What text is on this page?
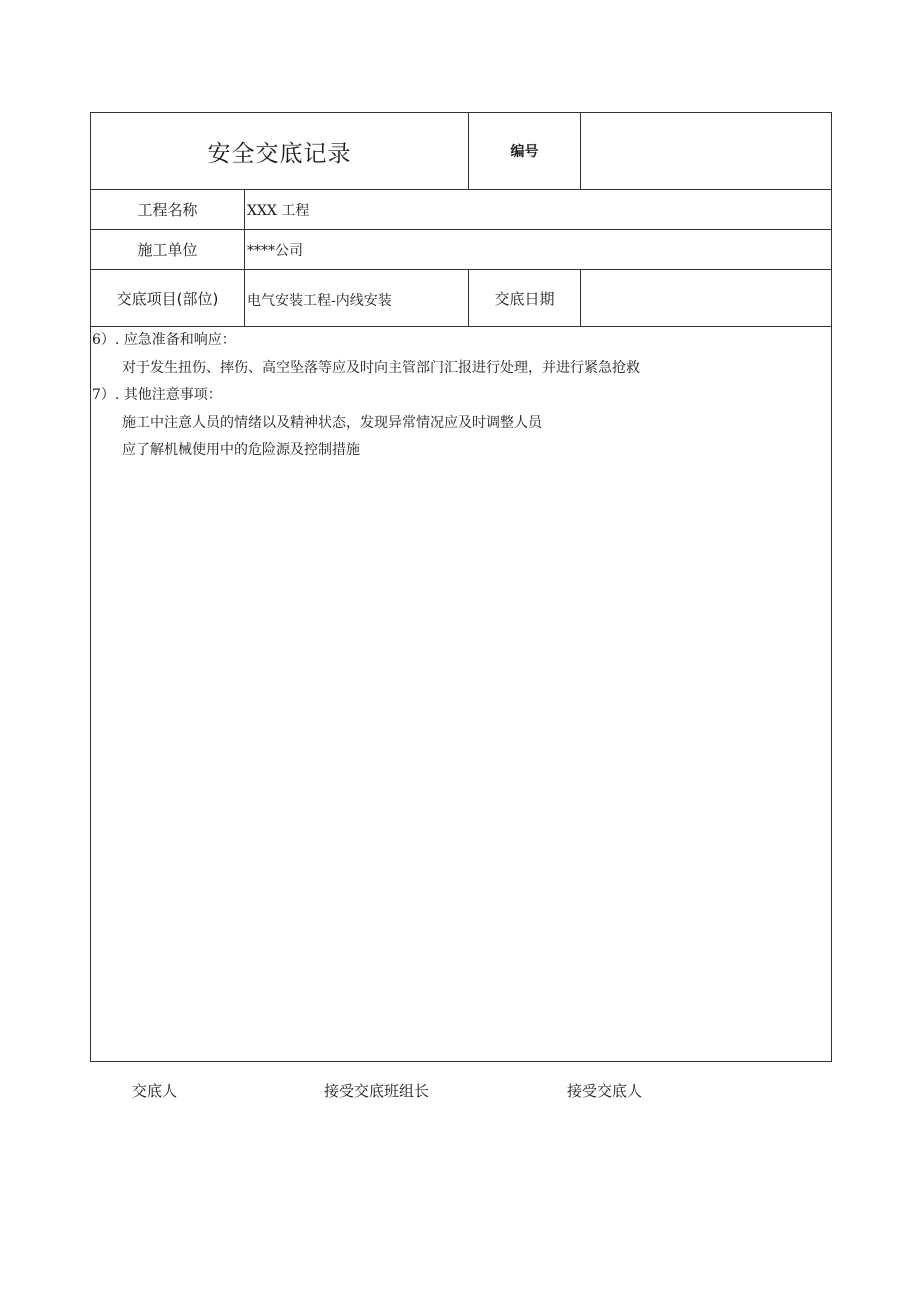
安全交底记录		编号	
工程名称	XXX 工程		
施工单位	****公司		
交底项目(部位)	电气安装工程-内线安装	交底日期	

6）. 应急准备和响应：
对于发生扭伤、摔伤、高空坠落等应及时向主管部门汇报进行处理，并进行紧急抢救
7）. 其他注意事项：
施工中注意人员的情绪以及精神状态，发现异常情况应及时调整人员
应了解机械使用中的危险源及控制措施			
交底人	接受交底班组长	接受交底人
